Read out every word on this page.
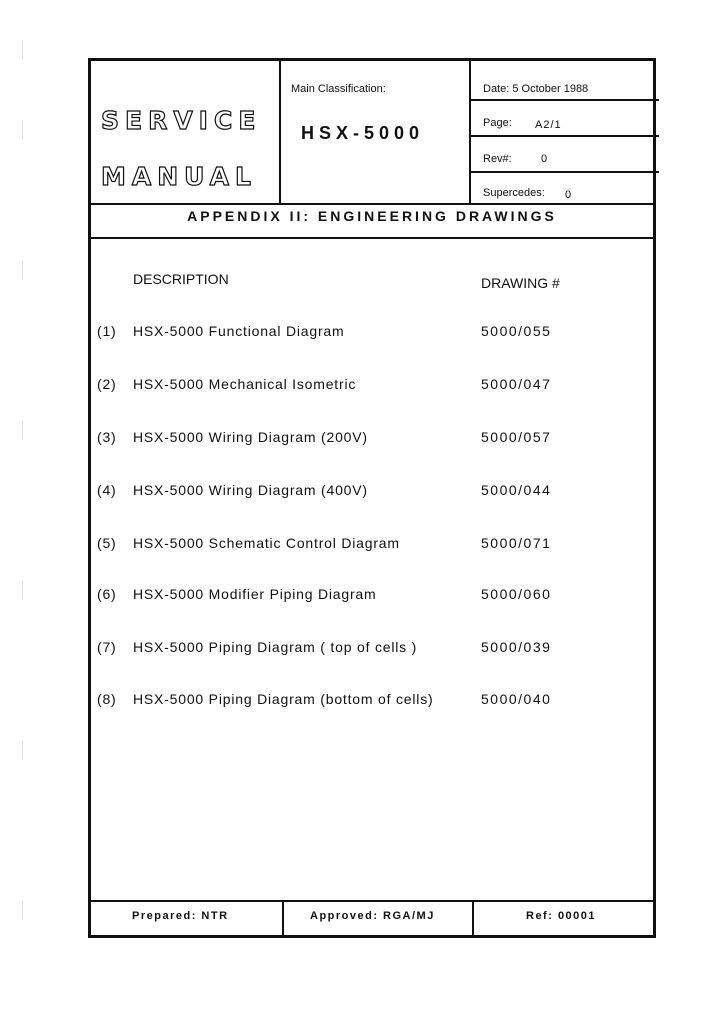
SERVICE
MANUAL
Main Classification:
HSX-5000
Date: 5 October 1988
Page: A2/1
Rev#:	0
Supercedes: 0
APPENDIX II: ENGINEERING DRAWINGS
DESCRIPTION	DRAWING #
(1) HSX-5000 Functional Diagram	5000/055
(2) HSX-5000 Mechanical Isometric	5000/047
(3) HSX-5000 Wiring Diagram (200V)	5000/057
(4) HSX-5000 Wiring Diagram (400V)	5000/044
(5) HSX-5000 Schematic Control Diagram	5000/071
(6) HSX-5000 Modifier Piping Diagram	5000/060
(7) HSX-5000 Piping Diagram ( top of cells )	5000/039
(8) HSX-5000 Piping Diagram (bottom of cells)	5000/040
Prepared: NTR	Approved: RGA/MJ	Ref: 00001
